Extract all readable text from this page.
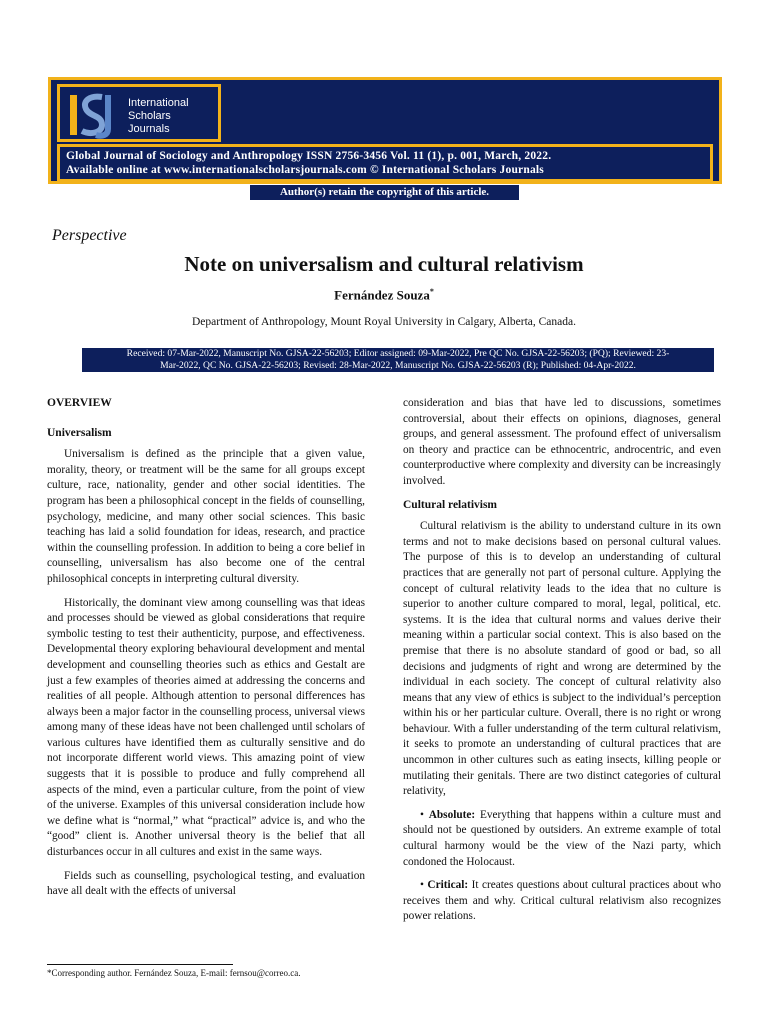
International
Scholars
Journals
Global Journal of Sociology and Anthropology ISSN 2756-3456 Vol. 11 (1), p. 001, March, 2022.
Available online at www.internationalscholarsjournals.com © International Scholars Journals
Author(s) retain the copyright of this article.
Perspective
Note on universalism and cultural relativism
Fernández Souza*
Department of Anthropology, Mount Royal University in Calgary, Alberta, Canada.
Received: 07-Mar-2022, Manuscript No. GJSA-22-56203; Editor assigned: 09-Mar-2022, Pre QC No. GJSA-22-56203; (PQ); Reviewed: 23-
Mar-2022, QC No. GJSA-22-56203; Revised: 28-Mar-2022, Manuscript No. GJSA-22-56203 (R); Published: 04-Apr-2022.
OVERVIEW
Universalism

Universalism is defined as the principle that a given value, morality, theory, or treatment will be the same for all groups except culture, race, nationality, gender and other social identities. The program has been a philosophical concept in the fields of counselling, psychology, medicine, and many other social sciences. This basic teaching has laid a solid foundation for ideas, research, and practice within the counselling profession. In addition to being a core belief in counselling, universalism has also become one of the central philosophical concepts in interpreting cultural diversity.

Historically, the dominant view among counselling was that ideas and processes should be viewed as global considerations that require symbolic testing to test their authenticity, purpose, and effectiveness. Developmental theory exploring behavioural development and mental development and counselling theories such as ethics and Gestalt are just a few examples of theories aimed at addressing the concerns and realities of all people. Although attention to personal differences has always been a major factor in the counselling process, universal views among many of these ideas have not been challenged until scholars of various cultures have identified them as culturally sensitive and do not incorporate different world views. This amazing point of view suggests that it is possible to produce and fully comprehend all aspects of the mind, even a particular culture, from the point of view of the universe. Examples of this universal consideration include how we define what is “normal,” what “practical” advice is, and who the “good” client is. Another universal theory is the belief that all disturbances occur in all cultures and exist in the same ways.

Fields such as counselling, psychological testing, and evaluation have all dealt with the effects of universal

consideration and bias that have led to discussions, sometimes controversial, about their effects on opinions, diagnoses, general groups, and general assessment. The profound effect of universalism on theory and practice can be ethnocentric, androcentric, and even counterproductive where complexity and diversity can be increasingly involved.

Cultural relativism

Cultural relativism is the ability to understand culture in its own terms and not to make decisions based on personal cultural values. The purpose of this is to develop an understanding of cultural practices that are generally not part of personal culture. Applying the concept of cultural relativity leads to the idea that no culture is superior to another culture compared to moral, legal, political, etc. systems. It is the idea that cultural norms and values derive their meaning within a particular social context. This is also based on the premise that there is no absolute standard of good or bad, so all decisions and judgments of right and wrong are determined by the individual in each society. The concept of cultural relativity also means that any view of ethics is subject to the individual’s perception within his or her particular culture. Overall, there is no right or wrong behaviour. With a fuller understanding of the term cultural relativism, it seeks to promote an understanding of cultural practices that are uncommon in other cultures such as eating insects, killing people or mutilating their genitals. There are two distinct categories of cultural relativity,

• Absolute: Everything that happens within a culture must and should not be questioned by outsiders. An extreme example of total cultural harmony would be the view of the Nazi party, which condoned the Holocaust.
• Critical: It creates questions about cultural practices about who receives them and why. Critical cultural relativism also recognizes power relations.
*Corresponding author. Fernández Souza, E-mail: fernsou@correo.ca.
